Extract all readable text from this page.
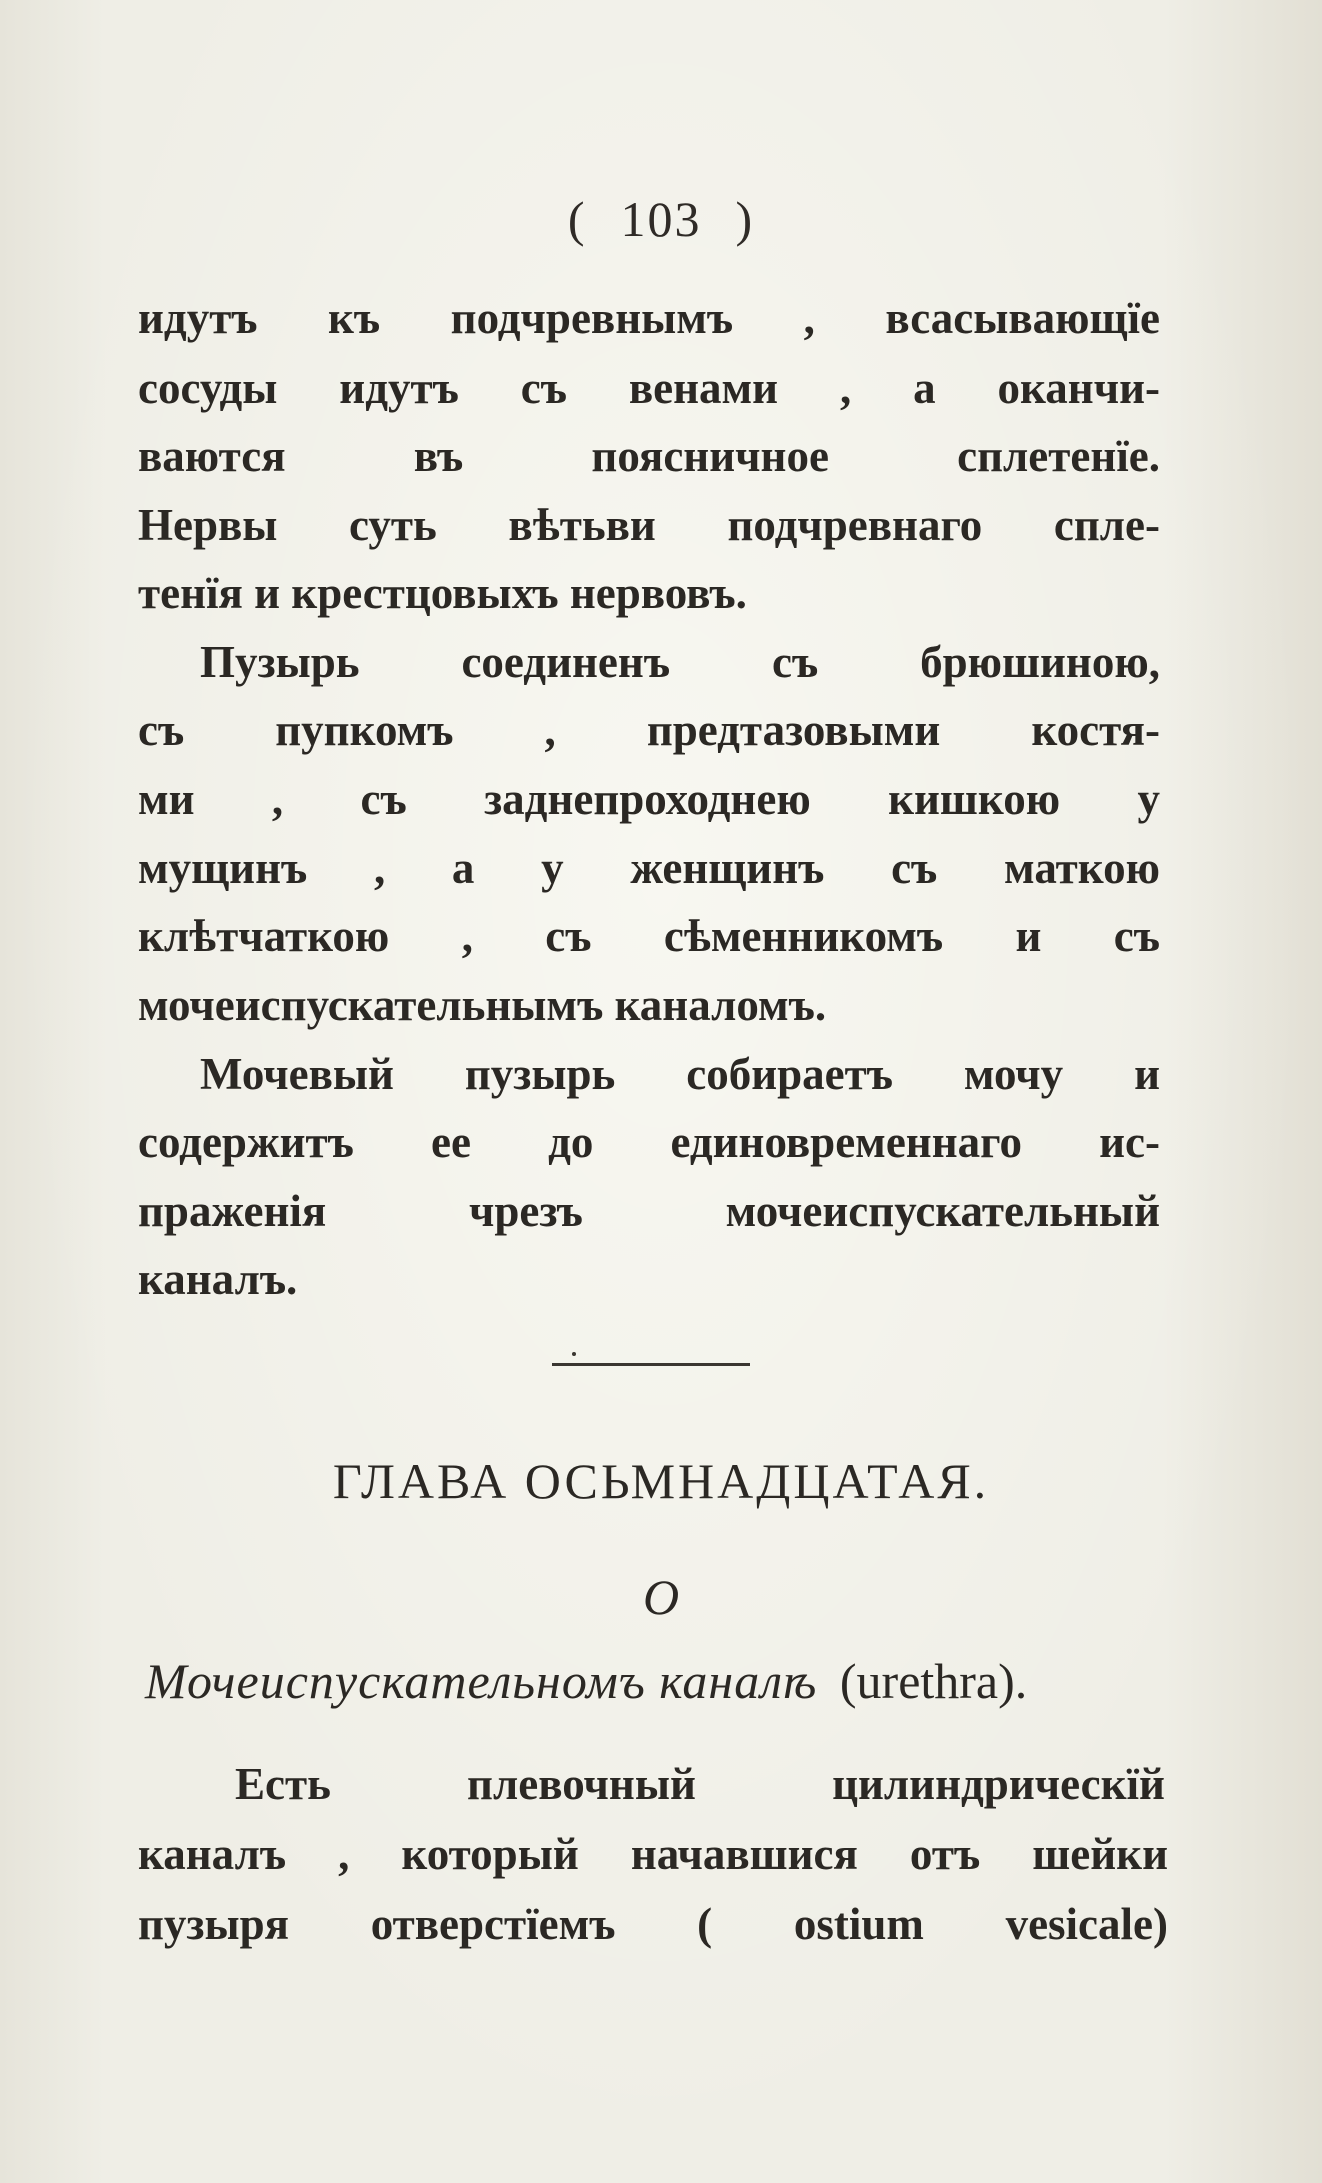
( 103 )
идутъ къ подчревнымъ , всасывающїе
сосуды идутъ съ венами , а оканчи-
ваются въ поясничное сплетенїе.
Нервы суть вѣтьви подчревнаго спле-
тенїя и крестцовыхъ нервовъ.
Пузырь соединенъ съ брюшиною,
съ пупкомъ , предтазовыми костя-
ми , съ заднепроходнею кишкою у
мущинъ , а у женщинъ съ маткою
клѣтчаткою , съ сѣменникомъ и съ
мочеиспускательнымъ каналомъ.
Мочевый пузырь собираетъ мочу и
содержитъ ее до единовременнаго ис-
праженія чрезъ мочеиспускательный
каналъ.
ГЛАВА ОСЬМНАДЦАТАЯ.
О
Мочеиспускательномъ каналѣ (urethra).
Есть плевочный цилиндрическїй
каналъ , который начавшися отъ шейки
пузыря отверстїемъ ( ostium vesicale)
